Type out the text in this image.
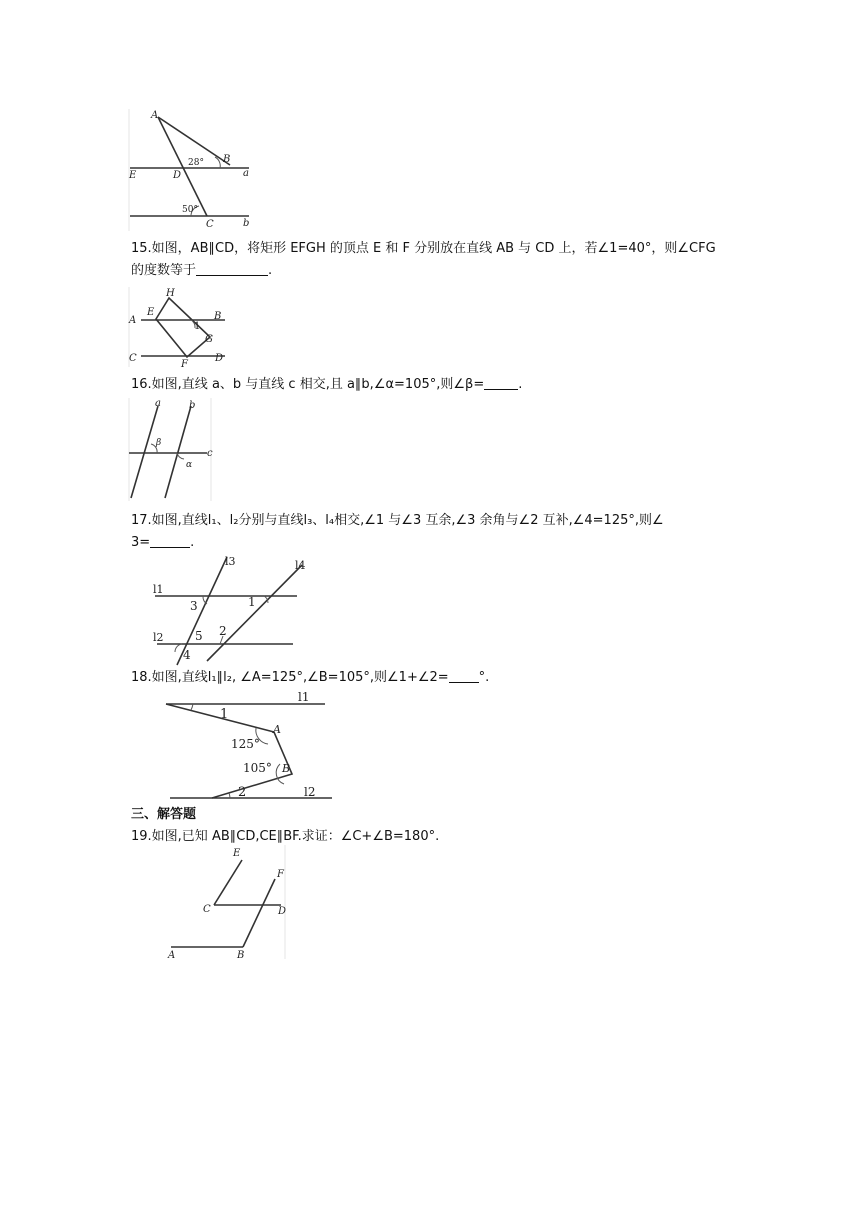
A
B
E	D	a
C	b
28°
50°
15.如图，AB∥CD，将矩形 EFGH 的顶点 E 和 F 分别放在直线 AB 与 CD 上，若∠1=40°，则∠CFG
的度数等于	.
H
A
E	B
1
G
C
F
D
16.如图,直线 a、b 与直线 c 相交,且 a∥b,∠α=105°,则∠β=	.
a	b
c
β
α
17.如图,直线l₁、l₂分别与直线l₃、l₄相交,∠1 与∠3 互余,∠3 余角与∠2 互补,∠4=125°,则∠
3=	.
l3	l4
l1
3	1
l2	5 2
4
18.如图,直线l₁∥l₂, ∠A=125°,∠B=105°,则∠1+∠2= °.
l1
1
A
125°
105° B
2	l2
三、解答题
19.如图,已知 AB∥CD,CE∥BF.求证：∠C+∠B=180°.
E
F
C	D
A	B
